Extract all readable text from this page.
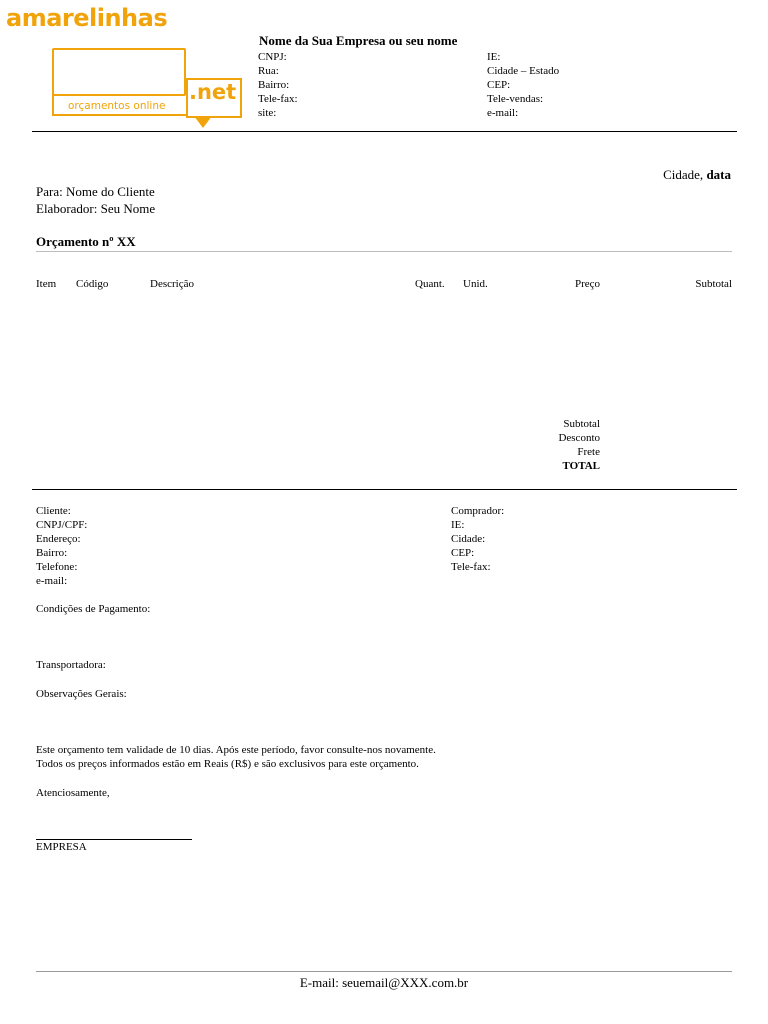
amarelinhas
orçamentos online
.net
Nome da Sua Empresa ou seu nome
CNPJ:
Rua:
Bairro:
Tele-fax:
site:
IE:
Cidade – Estado
CEP:
Tele-vendas:
e-mail:
Cidade, data
Para: Nome do Cliente
Elaborador: Seu Nome
Orçamento nº XX
Item Código	Descrição	Quant. Unid.	Preço	Subtotal
Subtotal
Desconto
Frete
TOTAL
Cliente:
CNPJ/CPF:
Endereço:
Bairro:
Telefone:
e-mail:
Comprador:
IE:
Cidade:
CEP:
Tele-fax:
Condições de Pagamento:
Transportadora:
Observações Gerais:
Este orçamento tem validade de 10 dias. Após este período, favor consulte-nos novamente.
Todos os preços informados estão em Reais (R$) e são exclusivos para este orçamento.
Atenciosamente,
EMPRESA
E-mail: seuemail@XXX.com.br
